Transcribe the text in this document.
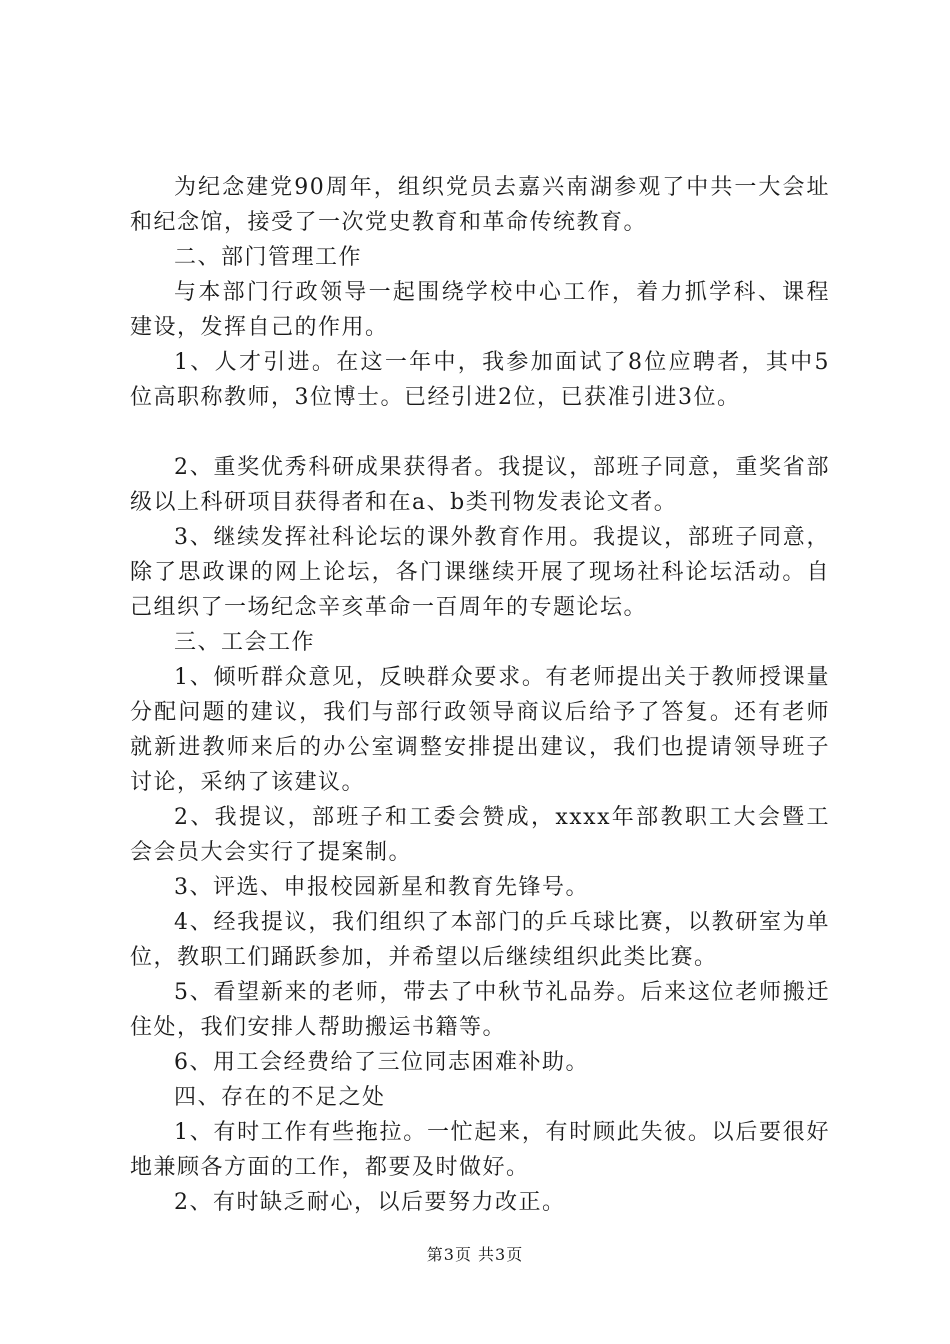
为纪念建党90周年，组织党员去嘉兴南湖参观了中共一大会址和纪念馆，接受了一次党史教育和革命传统教育。

二、部门管理工作

与本部门行政领导一起围绕学校中心工作，着力抓学科、课程建设，发挥自己的作用。

1、人才引进。在这一年中，我参加面试了8位应聘者，其中5位高职称教师，3位博士。已经引进2位，已获准引进3位。

2、重奖优秀科研成果获得者。我提议，部班子同意，重奖省部级以上科研项目获得者和在a、b类刊物发表论文者。

3、继续发挥社科论坛的课外教育作用。我提议，部班子同意，除了思政课的网上论坛，各门课继续开展了现场社科论坛活动。自己组织了一场纪念辛亥革命一百周年的专题论坛。

三、工会工作

1、倾听群众意见，反映群众要求。有老师提出关于教师授课量分配问题的建议，我们与部行政领导商议后给予了答复。还有老师就新进教师来后的办公室调整安排提出建议，我们也提请领导班子讨论，采纳了该建议。

2、我提议，部班子和工委会赞成，xxxx年部教职工大会暨工会会员大会实行了提案制。

3、评选、申报校园新星和教育先锋号。

4、经我提议，我们组织了本部门的乒乓球比赛，以教研室为单位，教职工们踊跃参加，并希望以后继续组织此类比赛。

5、看望新来的老师，带去了中秋节礼品券。后来这位老师搬迁住处，我们安排人帮助搬运书籍等。

6、用工会经费给了三位同志困难补助。

四、存在的不足之处

1、有时工作有些拖拉。一忙起来，有时顾此失彼。以后要很好地兼顾各方面的工作，都要及时做好。

2、有时缺乏耐心，以后要努力改正。

第3页 共3页
